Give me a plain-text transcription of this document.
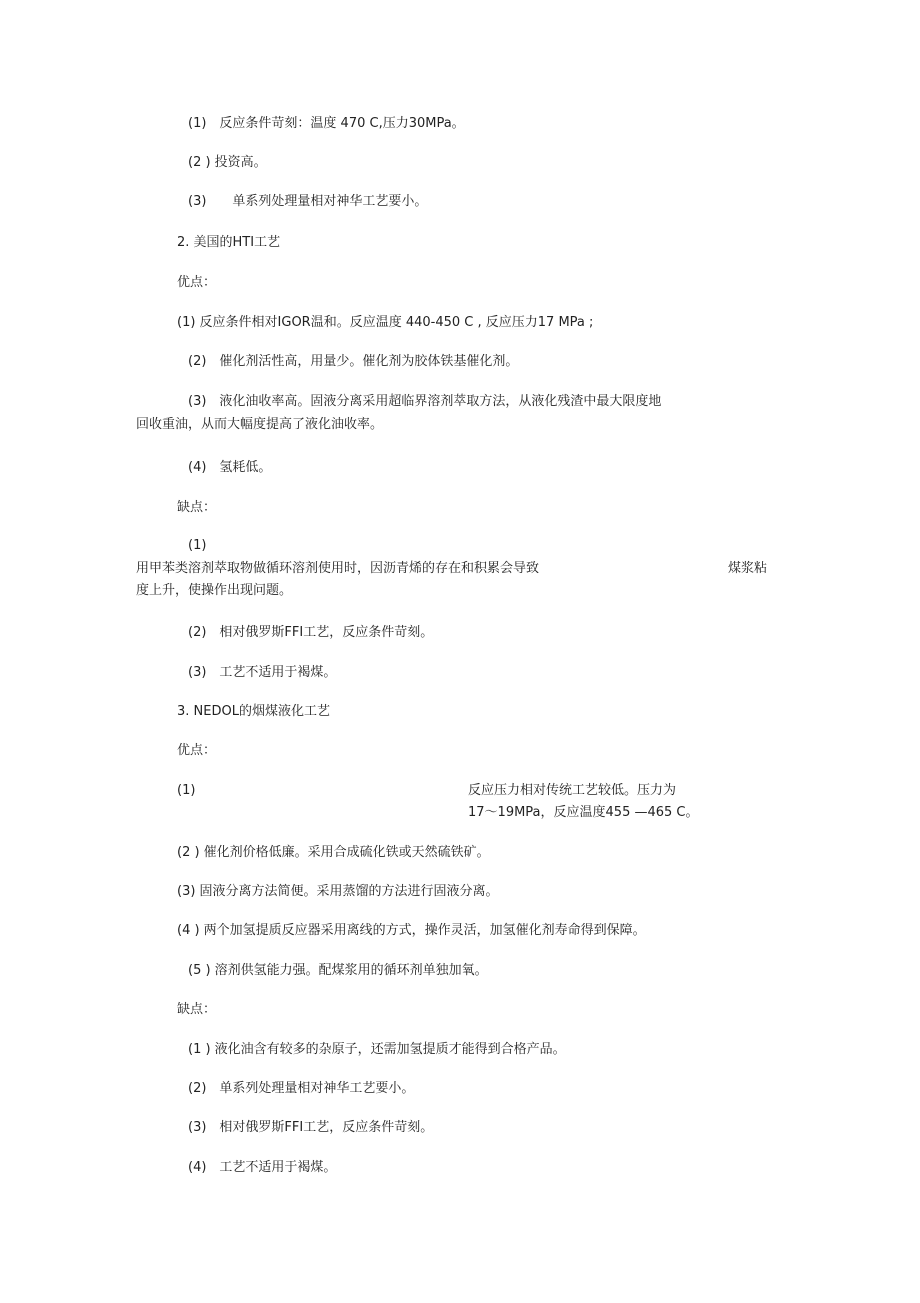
(1)　反应条件苛刻：温度 470 C,压力30MPa。

(2 ) 投资高。

(3)　　单系列处理量相对神华工艺要小。

2. 美国的HTI工艺

优点：

(1) 反应条件相对IGOR温和。反应温度 440-450 C , 反应压力17 MPa ;

(2)　催化剂活性高，用量少。催化剂为胶体铁基催化剂。

(3)　液化油收率高。固液分离采用超临界溶剂萃取方法，从液化残渣中最大限度地

回收重油，从而大幅度提高了液化油收率。

(4)　氢耗低。

缺点：

(1)

用甲苯类溶剂萃取物做循环溶剂使用时，因沥青烯的存在和积累会导致	煤浆粘

度上升，使操作出现问题。

(2)　相对俄罗斯FFI工艺，反应条件苛刻。

(3)　工艺不适用于褐煤。

3. NEDOL的烟煤液化工艺

优点：

(1)	反应压力相对传统工艺较低。压力为

17～19MPa，反应温度455 —465 C。

(2 ) 催化剂价格低廉。采用合成硫化铁或天然硫铁矿。

(3) 固液分离方法简便。采用蒸馏的方法进行固液分离。

(4 ) 两个加氢提质反应器采用离线的方式，操作灵活，加氢催化剂寿命得到保障。

(5 ) 溶剂供氢能力强。配煤浆用的循环剂单独加氧。

缺点：

(1 ) 液化油含有较多的杂原子，还需加氢提质才能得到合格产品。

(2)　单系列处理量相对神华工艺要小。

(3)　相对俄罗斯FFI工艺，反应条件苛刻。

(4)　工艺不适用于褐煤。
